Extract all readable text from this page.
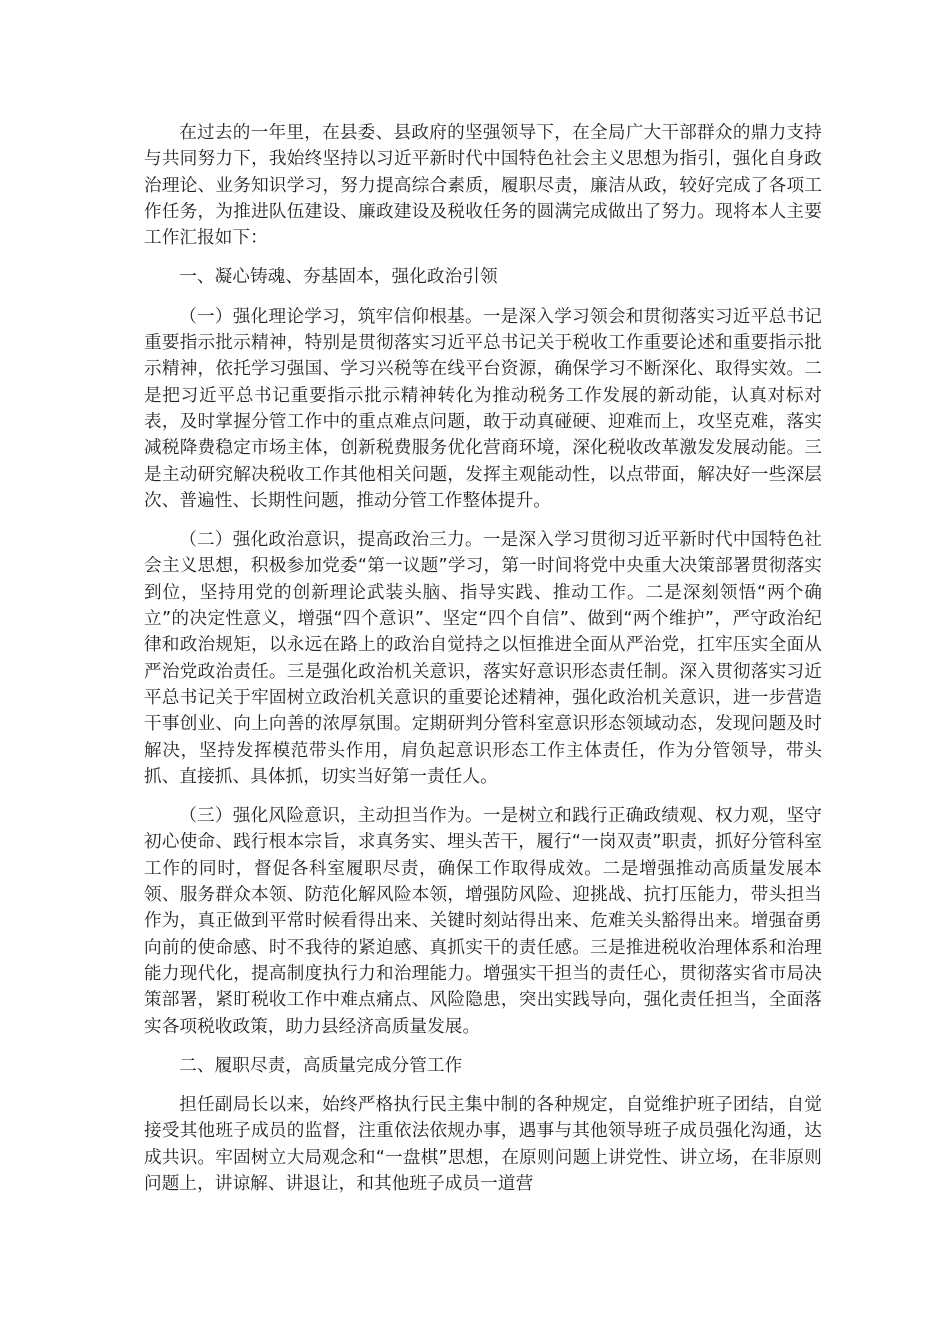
在过去的一年里，在县委、县政府的坚强领导下，在全局广大干部群众的鼎力支持与共同努力下，我始终坚持以习近平新时代中国特色社会主义思想为指引，强化自身政治理论、业务知识学习，努力提高综合素质，履职尽责，廉洁从政，较好完成了各项工作任务，为推进队伍建设、廉政建设及税收任务的圆满完成做出了努力。现将本人主要工作汇报如下：

一、凝心铸魂、夯基固本，强化政治引领

（一）强化理论学习，筑牢信仰根基。一是深入学习领会和贯彻落实习近平总书记重要指示批示精神，特别是贯彻落实习近平总书记关于税收工作重要论述和重要指示批示精神，依托学习强国、学习兴税等在线平台资源，确保学习不断深化、取得实效。二是把习近平总书记重要指示批示精神转化为推动税务工作发展的新动能，认真对标对表，及时掌握分管工作中的重点难点问题，敢于动真碰硬、迎难而上，攻坚克难，落实减税降费稳定市场主体，创新税费服务优化营商环境，深化税收改革激发发展动能。三是主动研究解决税收工作其他相关问题，发挥主观能动性，以点带面，解决好一些深层次、普遍性、长期性问题，推动分管工作整体提升。

（二）强化政治意识，提高政治三力。一是深入学习贯彻习近平新时代中国特色社会主义思想，积极参加党委“第一议题”学习，第一时间将党中央重大决策部署贯彻落实到位，坚持用党的创新理论武装头脑、指导实践、推动工作。二是深刻领悟“两个确立”的决定性意义，增强“四个意识”、坚定“四个自信”、做到“两个维护”，严守政治纪律和政治规矩，以永远在路上的政治自觉持之以恒推进全面从严治党，扛牢压实全面从严治党政治责任。三是强化政治机关意识，落实好意识形态责任制。深入贯彻落实习近平总书记关于牢固树立政治机关意识的重要论述精神，强化政治机关意识，进一步营造干事创业、向上向善的浓厚氛围。定期研判分管科室意识形态领域动态，发现问题及时解决，坚持发挥模范带头作用，肩负起意识形态工作主体责任，作为分管领导，带头抓、直接抓、具体抓，切实当好第一责任人。

（三）强化风险意识，主动担当作为。一是树立和践行正确政绩观、权力观，坚守初心使命、践行根本宗旨，求真务实、埋头苦干，履行“一岗双责”职责，抓好分管科室工作的同时，督促各科室履职尽责，确保工作取得成效。二是增强推动高质量发展本领、服务群众本领、防范化解风险本领，增强防风险、迎挑战、抗打压能力，带头担当作为，真正做到平常时候看得出来、关键时刻站得出来、危难关头豁得出来。增强奋勇向前的使命感、时不我待的紧迫感、真抓实干的责任感。三是推进税收治理体系和治理能力现代化，提高制度执行力和治理能力。增强实干担当的责任心，贯彻落实省市局决策部署，紧盯税收工作中难点痛点、风险隐患，突出实践导向，强化责任担当，全面落实各项税收政策，助力县经济高质量发展。

二、履职尽责，高质量完成分管工作

担任副局长以来，始终严格执行民主集中制的各种规定，自觉维护班子团结，自觉接受其他班子成员的监督，注重依法依规办事，遇事与其他领导班子成员强化沟通，达成共识。牢固树立大局观念和“一盘棋”思想，在原则问题上讲党性、讲立场，在非原则问题上，讲谅解、讲退让，和其他班子成员一道营
